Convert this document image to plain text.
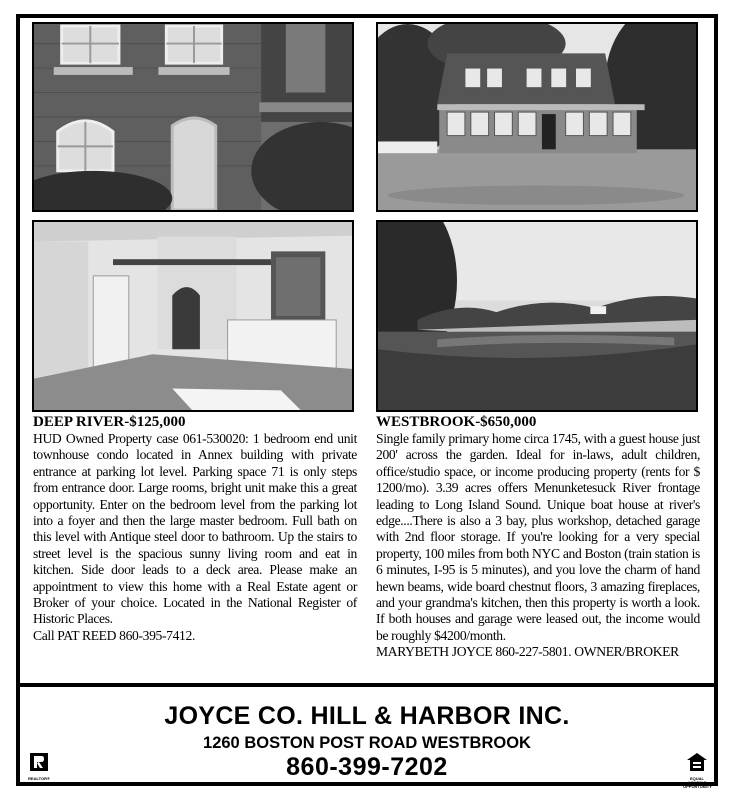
DEEP RIVER-$125,000

HUD Owned Property case 061-530020: 1 bedroom end unit townhouse condo located in Annex building with private entrance at parking lot level. Parking space 71 is only steps from entrance door. Large rooms, bright unit make this a great opportunity. Enter on the bedroom level from the parking lot into a foyer and then the large master bedroom. Full bath on this level with Antique steel door to bathroom. Up the stairs to street level is the spacious sunny living room and eat in kitchen. Side door leads to a deck area. Please make an appointment to view this home with a Real Estate agent or Broker of your choice. Located in the National Register of Historic Places.

Call PAT REED 860-395-7412.
WESTBROOK-$650,000

Single family primary home circa 1745, with a guest house just 200' across the garden. Ideal for in-laws, adult children, office/studio space, or income producing property (rents for $ 1200/mo). 3.39 acres offers Menunketesuck River frontage leading to Long Island Sound. Unique boat house at river's edge....There is also a 3 bay, plus workshop, detached garage with 2nd floor storage. If you're looking for a very special property, 100 miles from both NYC and Boston (train station is 6 minutes, I-95 is 5 minutes), and you love the charm of hand hewn beams, wide board chestnut floors, 3 amazing fireplaces, and your grandma's kitchen, then this property is worth a look. If both houses and garage were leased out, the income would be roughly $4200/month.

MARYBETH JOYCE 860-227-5801. OWNER/BROKER
JOYCE CO. HILL & HARBOR INC.
1260 BOSTON POST ROAD WESTBROOK
860-399-7202
REALTOR®	EQUAL HOUSING OPPORTUNITY
